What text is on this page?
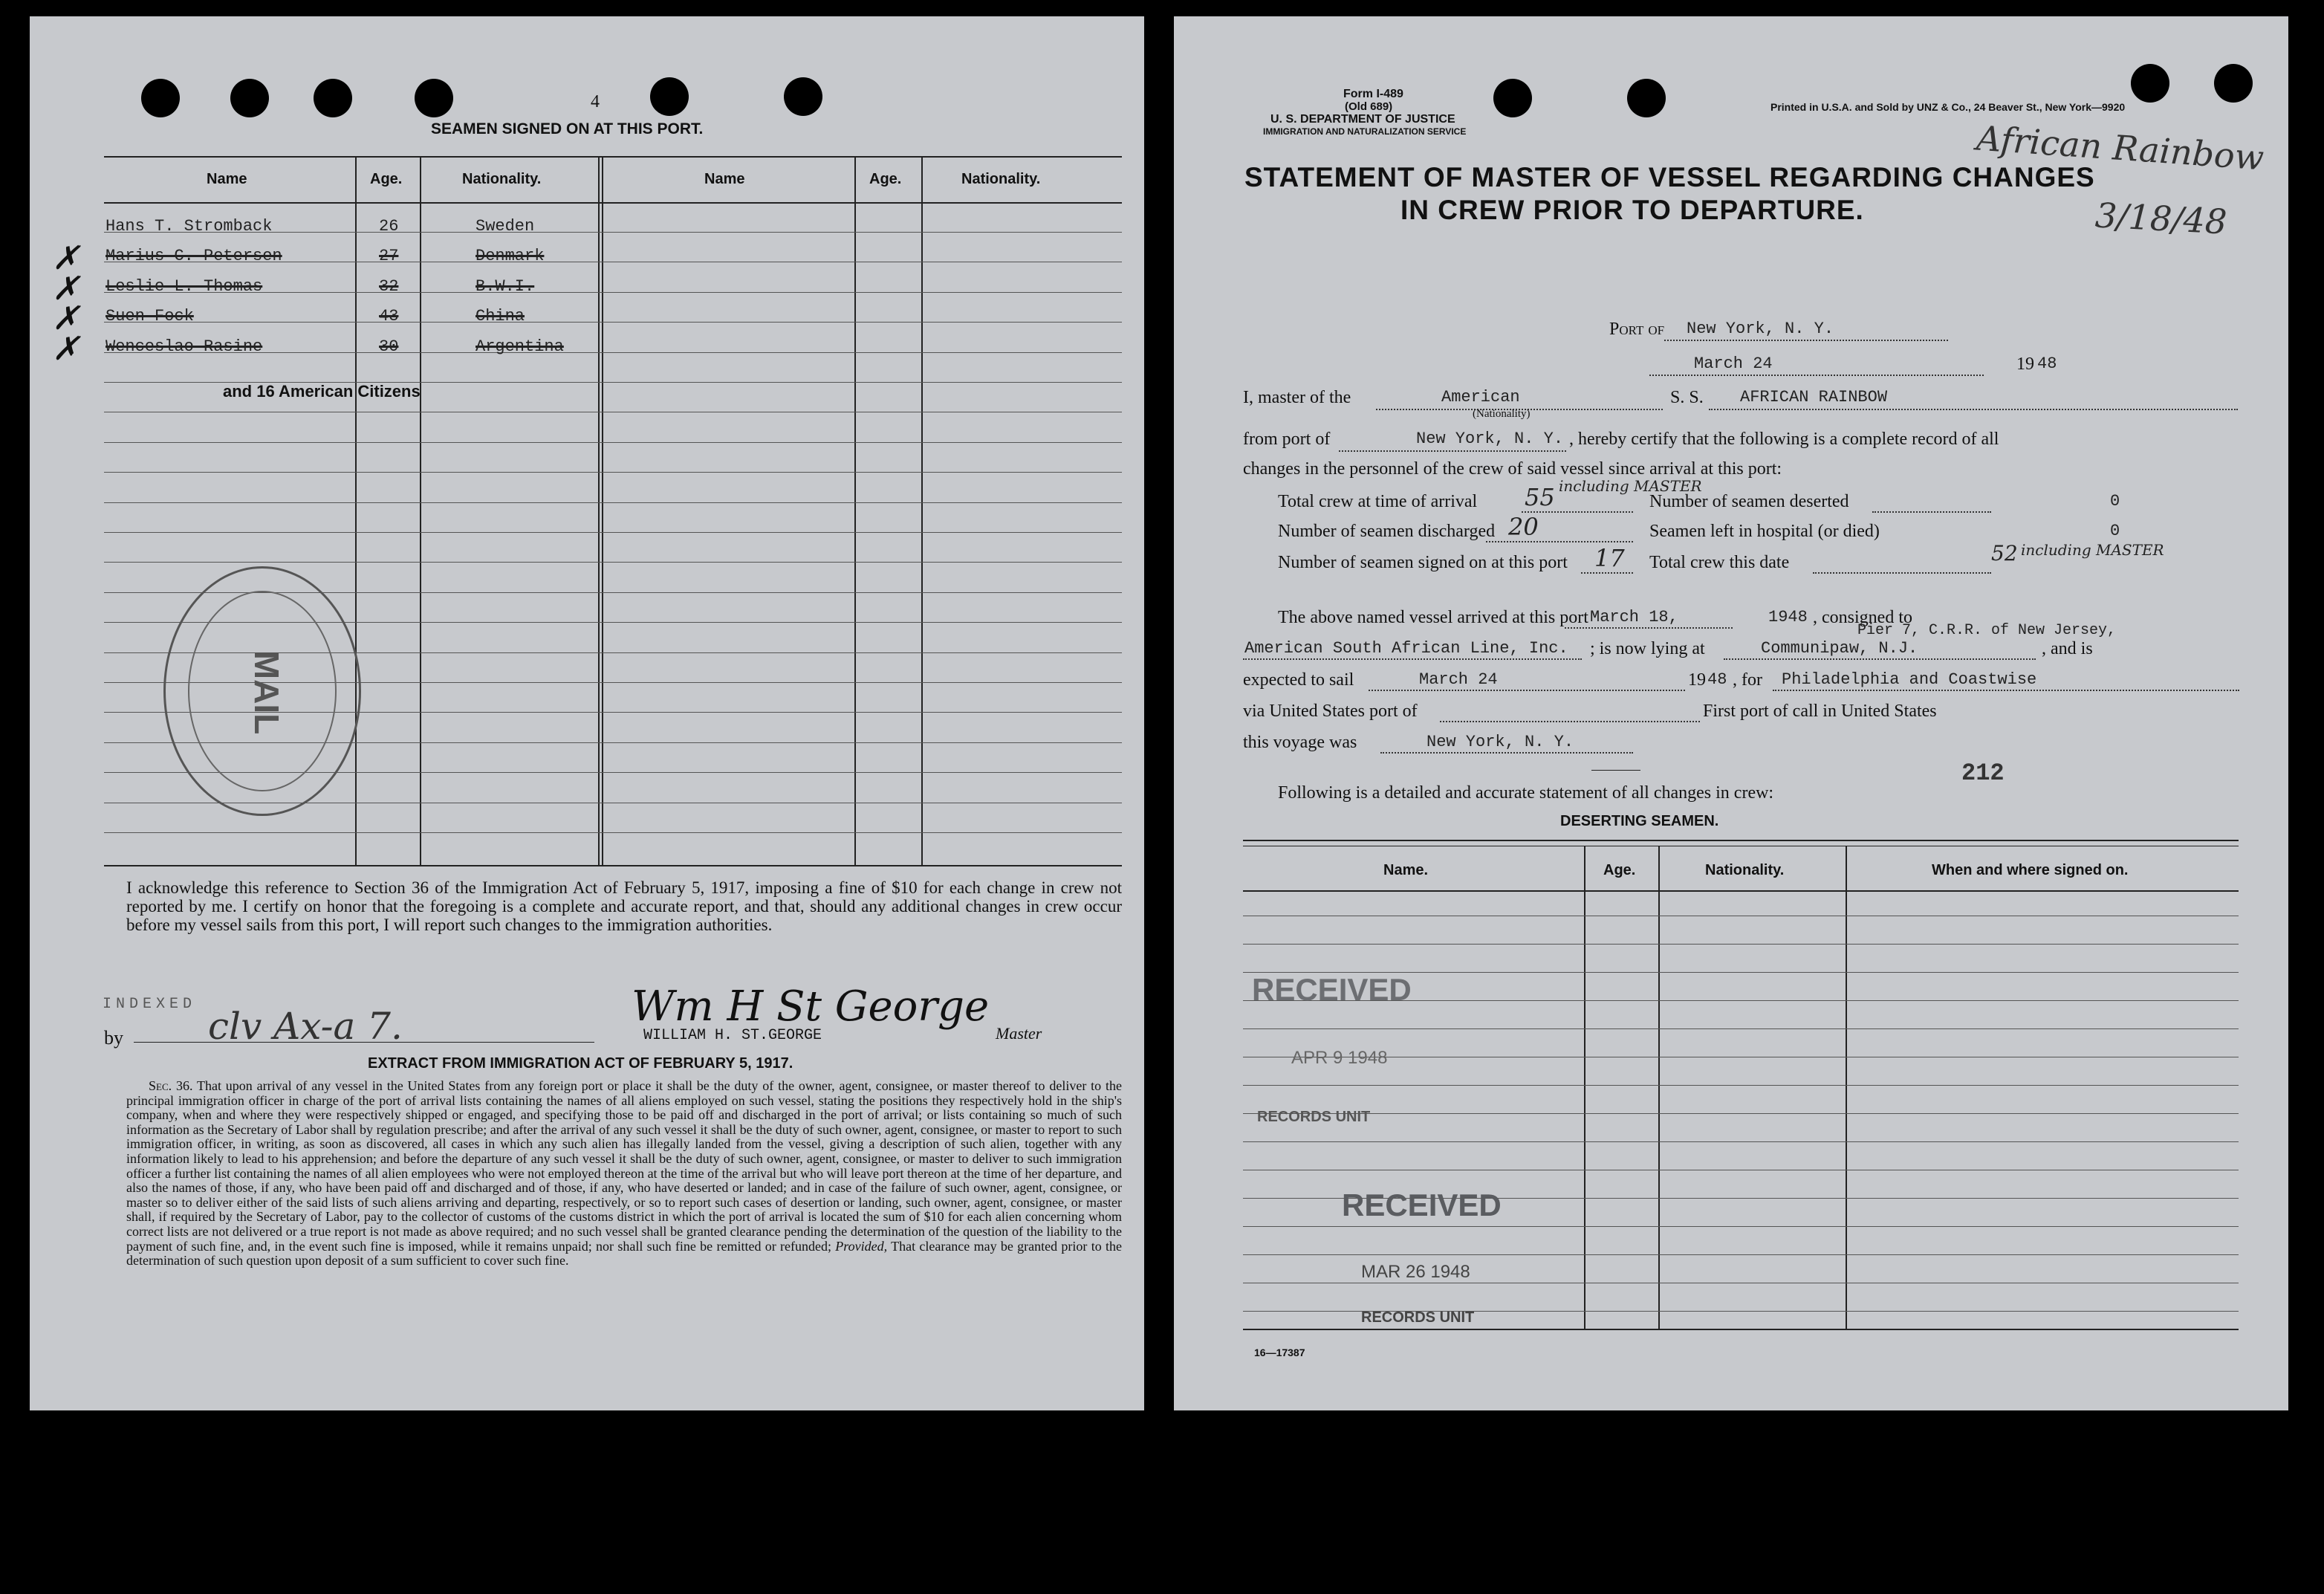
4
SEAMEN SIGNED ON AT THIS PORT.
Name	Age.	Nationality.	Name	Age.	Nationality.
Hans T. Stromback	26	Sweden
Marius C. Petersen	27	Denmark
✗
Leslie L. Thomas	32	B.W.I.
✗
Suen Fock	43	China
✗
Wenceslao Rasine	30	Argentina
✗
and 16 American Citizens
MAIL
I acknowledge this reference to Section 36 of the Immigration Act of February 5, 1917, imposing a fine of $10 for each change in crew not reported by me. I certify on honor that the foregoing is a complete and accurate report, and that, should any additional changes in crew occur before my vessel sails from this port, I will report such changes to the immigration authorities.
INDEXED
by clv Ax-a 7.	Wm H St George
WILLIAM H. ST.GEORGE	Master
EXTRACT FROM IMMIGRATION ACT OF FEBRUARY 5, 1917.
Sec. 36. That upon arrival of any vessel in the United States from any foreign port or place it shall be the duty of the owner, agent, consignee, or master thereof to deliver to the principal immigration officer in charge of the port of arrival lists containing the names of all aliens employed on such vessel, stating the positions they respectively hold in the ship's company, when and where they were respectively shipped or engaged, and specifying those to be paid off and discharged in the port of arrival; or lists containing so much of such information as the Secretary of Labor shall by regulation prescribe; and after the arrival of any such vessel it shall be the duty of such owner, agent, consignee, or master to report to such immigration officer, in writing, as soon as discovered, all cases in which any such alien has illegally landed from the vessel, giving a description of such alien, together with any information likely to lead to his apprehension; and before the departure of any such vessel it shall be the duty of such owner, agent, consignee, or master to deliver to such immigration officer a further list containing the names of all alien employees who were not employed thereon at the time of the arrival but who will leave port thereon at the time of her departure, and also the names of those, if any, who have been paid off and discharged and of those, if any, who have deserted or landed; and in case of the failure of such owner, agent, consignee, or master so to deliver either of the said lists of such aliens arriving and departing, respectively, or so to report such cases of desertion or landing, such owner, agent, consignee, or master shall, if required by the Secretary of Labor, pay to the collector of customs of the customs district in which the port of arrival is located the sum of $10 for each alien concerning whom correct lists are not delivered or a true report is not made as above required; and no such vessel shall be granted clearance pending the determination of the question of the liability to the payment of such fine, and, in the event such fine is imposed, while it remains unpaid; nor shall such fine be remitted or refunded; Provided, That clearance may be granted prior to the determination of such question upon deposit of a sum sufficient to cover such fine.
Form I-489
(Old 689)
U. S. DEPARTMENT OF JUSTICE
IMMIGRATION AND NATURALIZATION SERVICE
Printed in U.S.A. and Sold by UNZ & Co., 24 Beaver St., New York—9920
African Rainbow
3/18/48
STATEMENT OF MASTER OF VESSEL REGARDING CHANGES
IN CREW PRIOR TO DEPARTURE.
Port of New York, N. Y.
March 24	19 48
I, master of the	American
(Nationality)
S. S. AFRICAN RAINBOW
from port of	New York, N. Y. , hereby certify that the following is a complete record of all
changes in the personnel of the crew of said vessel since arrival at this port:
Total crew at time of arrival 55 including MASTER
Number of seamen deserted	0
Number of seamen discharged 20	Seamen left in hospital (or died)	0
Number of seamen signed on at this port 17 Total crew this date	52 including MASTER
The above named vessel arrived at this port March 18,	1948 , consigned to
American South African Line, Inc. ; is now lying at
Pier 7, C.R.R. of New Jersey,
Communipaw, N.J.	, and is
expected to sail	March 24	19 48 , for Philadelphia and Coastwise
via United States port of	First port of call in United States
this voyage was	New York, N. Y.
212
Following is a detailed and accurate statement of all changes in crew:
DESERTING SEAMEN.
Name.	Age.	Nationality.	When and where signed on.
RECEIVED
APR 9 1948
RECORDS UNIT
RECEIVED
MAR 26 1948
RECORDS UNIT
16—17387
